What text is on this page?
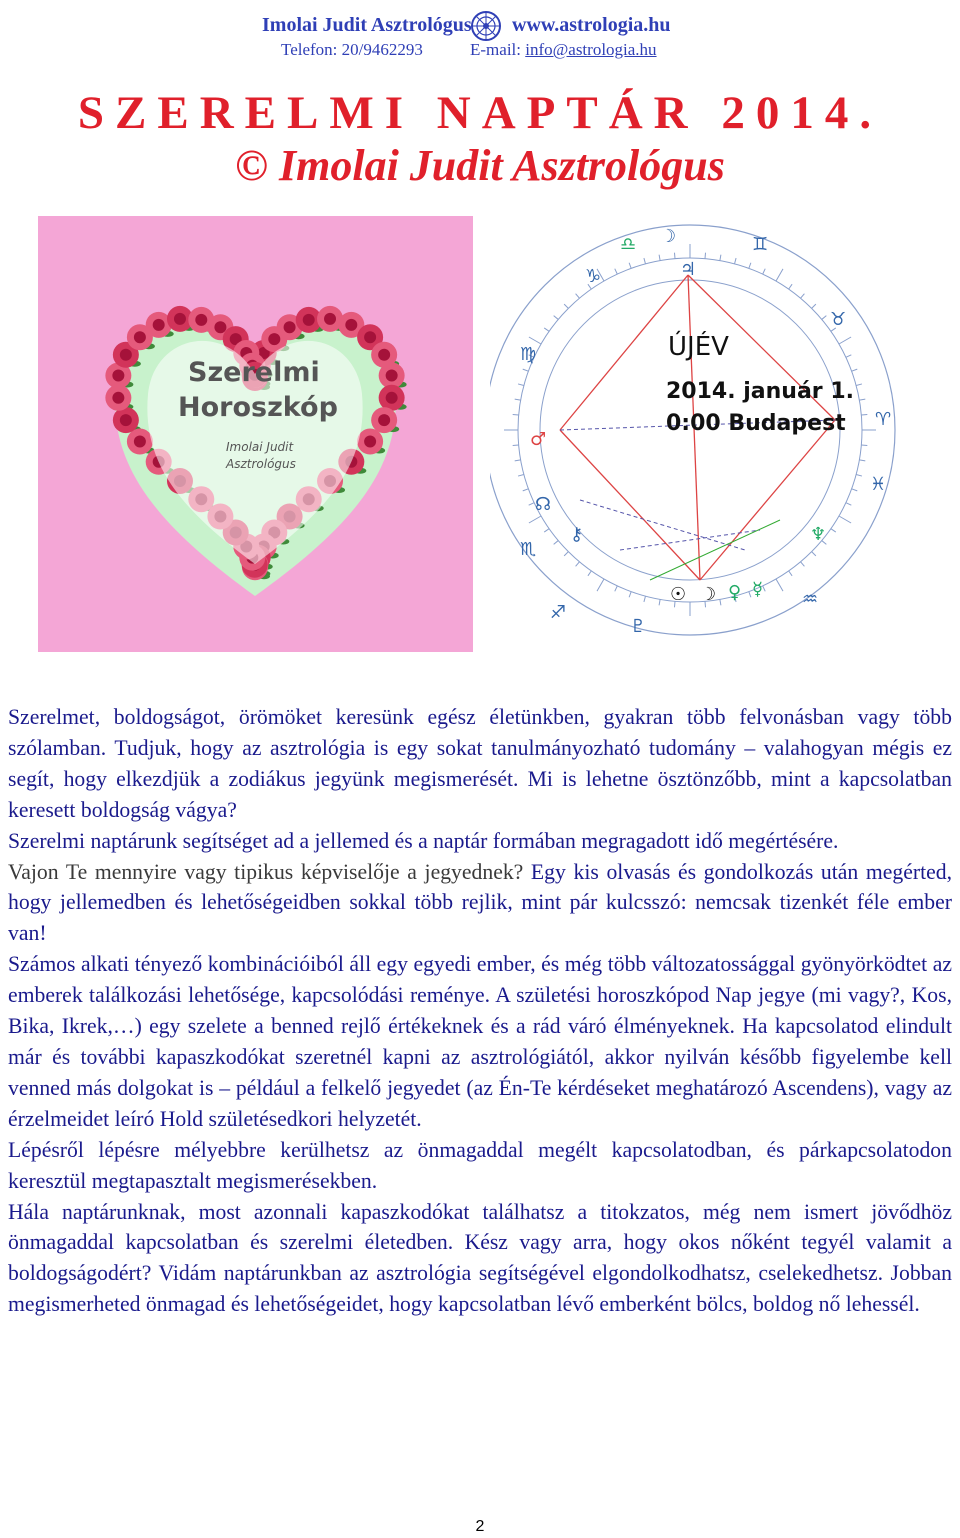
Imolai Judit Asztrológus www.astrologia.hu
Telefon: 20/9462293	E-mail: info@astrologia.hu
SZERELMI NAPTÁR 2014.
© Imolai Judit Asztrológus
Szerelmi
Horoszkóp
Imolai Judit
Asztrológus
ÚJÉV
2014. január 1.
0:00 Budapest
♎ ☽	♊
♑	♃
♉
♍
♈
♂
☊
⚷
♏
♆
♓
☉ ☽ ♀ ☿ ♒
♐
♇

Szerelmet, boldogságot, örömöket keresünk egész életünkben, gyakran több felvonásban vagy több szólamban. Tudjuk, hogy az asztrológia is egy sokat tanulmányozható tudomány – valahogyan mégis ez segít, hogy elkezdjük a zodiákus jegyünk megismerését. Mi is lehetne ösztönzőbb, mint a kapcsolatban keresett boldogság vágya?

Szerelmi naptárunk segítséget ad a jellemed és a naptár formában megragadott idő megértésére.

Vajon Te mennyire vagy tipikus képviselője a jegyednek? Egy kis olvasás és gondolkozás után megérted, hogy jellemedben és lehetőségeidben sokkal több rejlik, mint pár kulcsszó: nemcsak tizenkét féle ember van!

Számos alkati tényező kombinációiból áll egy egyedi ember, és még több változatossággal gyönyörködtet az emberek találkozási lehetősége, kapcsolódási reménye. A születési horoszkópod Nap jegye (mi vagy?, Kos, Bika, Ikrek,…) egy szelete a benned rejlő értékeknek és a rád váró élményeknek. Ha kapcsolatod elindult már és további kapaszkodókat szeretnél kapni az asztrológiától, akkor nyilván később figyelembe kell venned más dolgokat is – például a felkelő jegyedet (az Én-Te kérdéseket meghatározó Ascendens), vagy az érzelmeidet leíró Hold születésedkori helyzetét.

Lépésről lépésre mélyebbre kerülhetsz az önmagaddal megélt kapcsolatodban, és párkapcsolatodon keresztül megtapasztalt megismerésekben.

Hála naptárunknak, most azonnali kapaszkodókat találhatsz a titokzatos, még nem ismert jövődhöz önmagaddal kapcsolatban és szerelmi életedben. Kész vagy arra, hogy okos nőként tegyél valamit a boldogságodért? Vidám naptárunkban az asztrológia segítségével elgondolkodhatsz, cselekedhetsz. Jobban megismerheted önmagad és lehetőségeidet, hogy kapcsolatban lévő emberként bölcs, boldog nő lehessél.

2
